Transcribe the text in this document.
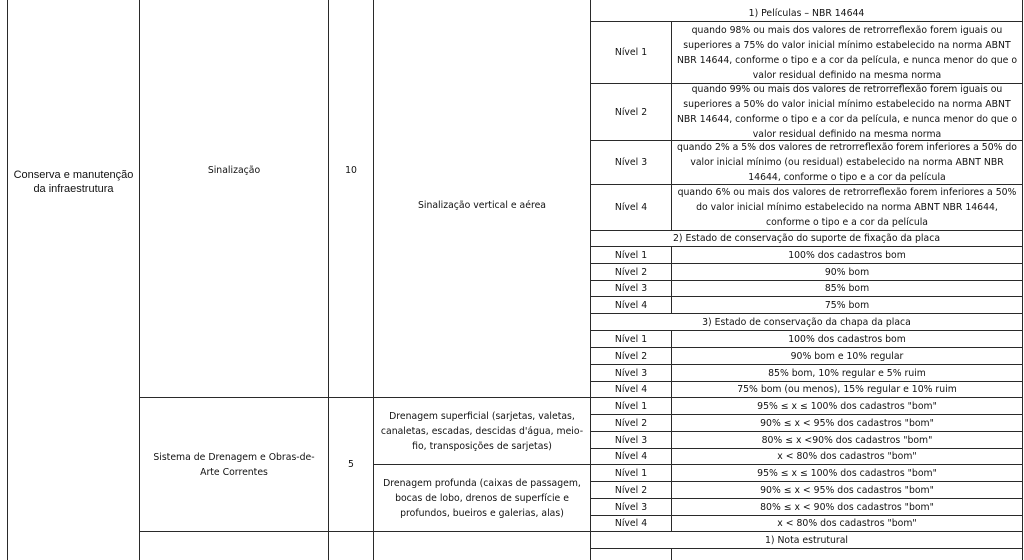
Conserva e manutenção da infraestrutura
Sinalização	10
Sinalização vertical e aérea
1) Películas – NBR 14644
Nível 1
quando 98% ou mais dos valores de retrorreflexão forem iguais ou superiores a 75% do valor inicial mínimo estabelecido na norma ABNT NBR 14644, conforme o tipo e a cor da película, e nunca menor do que o valor residual definido na mesma norma
Nível 2
quando 99% ou mais dos valores de retrorreflexão forem iguais ou superiores a 50% do valor inicial mínimo estabelecido na norma ABNT NBR 14644, conforme o tipo e a cor da película, e nunca menor do que o valor residual definido na mesma norma
Nível 3
quando 2% a 5% dos valores de retrorreflexão forem inferiores a 50% do valor inicial mínimo (ou residual) estabelecido na norma ABNT NBR 14644, conforme o tipo e a cor da película
Nível 4
quando 6% ou mais dos valores de retrorreflexão forem inferiores a 50% do valor inicial mínimo estabelecido na norma ABNT NBR 14644, conforme o tipo e a cor da película
2) Estado de conservação do suporte de fixação da placa
Nível 1	100% dos cadastros bom
Nível 2	90% bom
Nível 3	85% bom
Nível 4	75% bom
3) Estado de conservação da chapa da placa
Nível 1	100% dos cadastros bom
Nível 2	90% bom e 10% regular
Nível 3	85% bom, 10% regular e 5% ruim
Nível 4	75% bom (ou menos), 15% regular e 10% ruim
Sistema de Drenagem e Obras-de-Arte Correntes
5
Drenagem superficial (sarjetas, valetas, canaletas, escadas, descidas d'água, meio-fio, transposições de sarjetas)
Nível 1	95% ≤ x ≤ 100% dos cadastros "bom"
Nível 2	90% ≤ x < 95% dos cadastros "bom"
Nível 3	80% ≤ x <90% dos cadastros "bom"
Nível 4	x < 80% dos cadastros "bom"
Drenagem profunda (caixas de passagem, bocas de lobo, drenos de superfície e profundos, bueiros e galerias, alas)
Nível 1	95% ≤ x ≤ 100% dos cadastros "bom"
Nível 2	90% ≤ x < 95% dos cadastros "bom"
Nível 3	80% ≤ x < 90% dos cadastros "bom"
Nível 4	x < 80% dos cadastros "bom"
1) Nota estrutural
